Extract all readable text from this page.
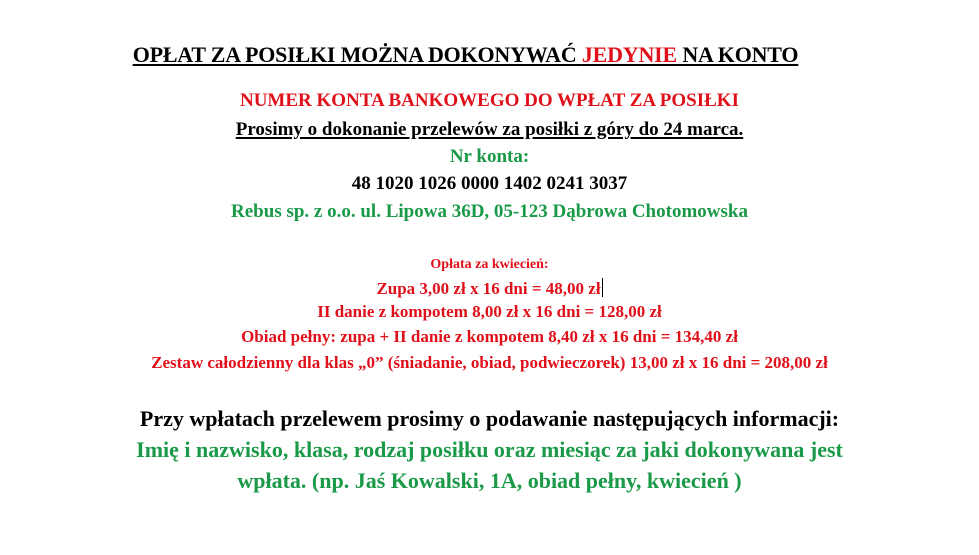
OPŁAT ZA POSIŁKI MOŻNA DOKONYWAĆ JEDYNIE NA KONTO
NUMER KONTA BANKOWEGO DO WPŁAT ZA POSIŁKI
Prosimy o dokonanie przelewów za posiłki z góry do 24 marca.
Nr konta:
48 1020 1026 0000 1402 0241 3037
Rebus sp. z o.o. ul. Lipowa 36D, 05-123 Dąbrowa Chotomowska
Opłata za kwiecień:
Zupa 3,00 zł x 16 dni = 48,00 zł
II danie z kompotem 8,00 zł x 16 dni = 128,00 zł
Obiad pełny: zupa + II danie z kompotem 8,40 zł x 16 dni = 134,40 zł
Zestaw całodzienny dla klas „0” (śniadanie, obiad, podwieczorek) 13,00 zł x 16 dni = 208,00 zł
Przy wpłatach przelewem prosimy o podawanie następujących informacji:
Imię i nazwisko, klasa, rodzaj posiłku oraz miesiąc za jaki dokonywana jest
wpłata. (np. Jaś Kowalski, 1A, obiad pełny, kwiecień )
